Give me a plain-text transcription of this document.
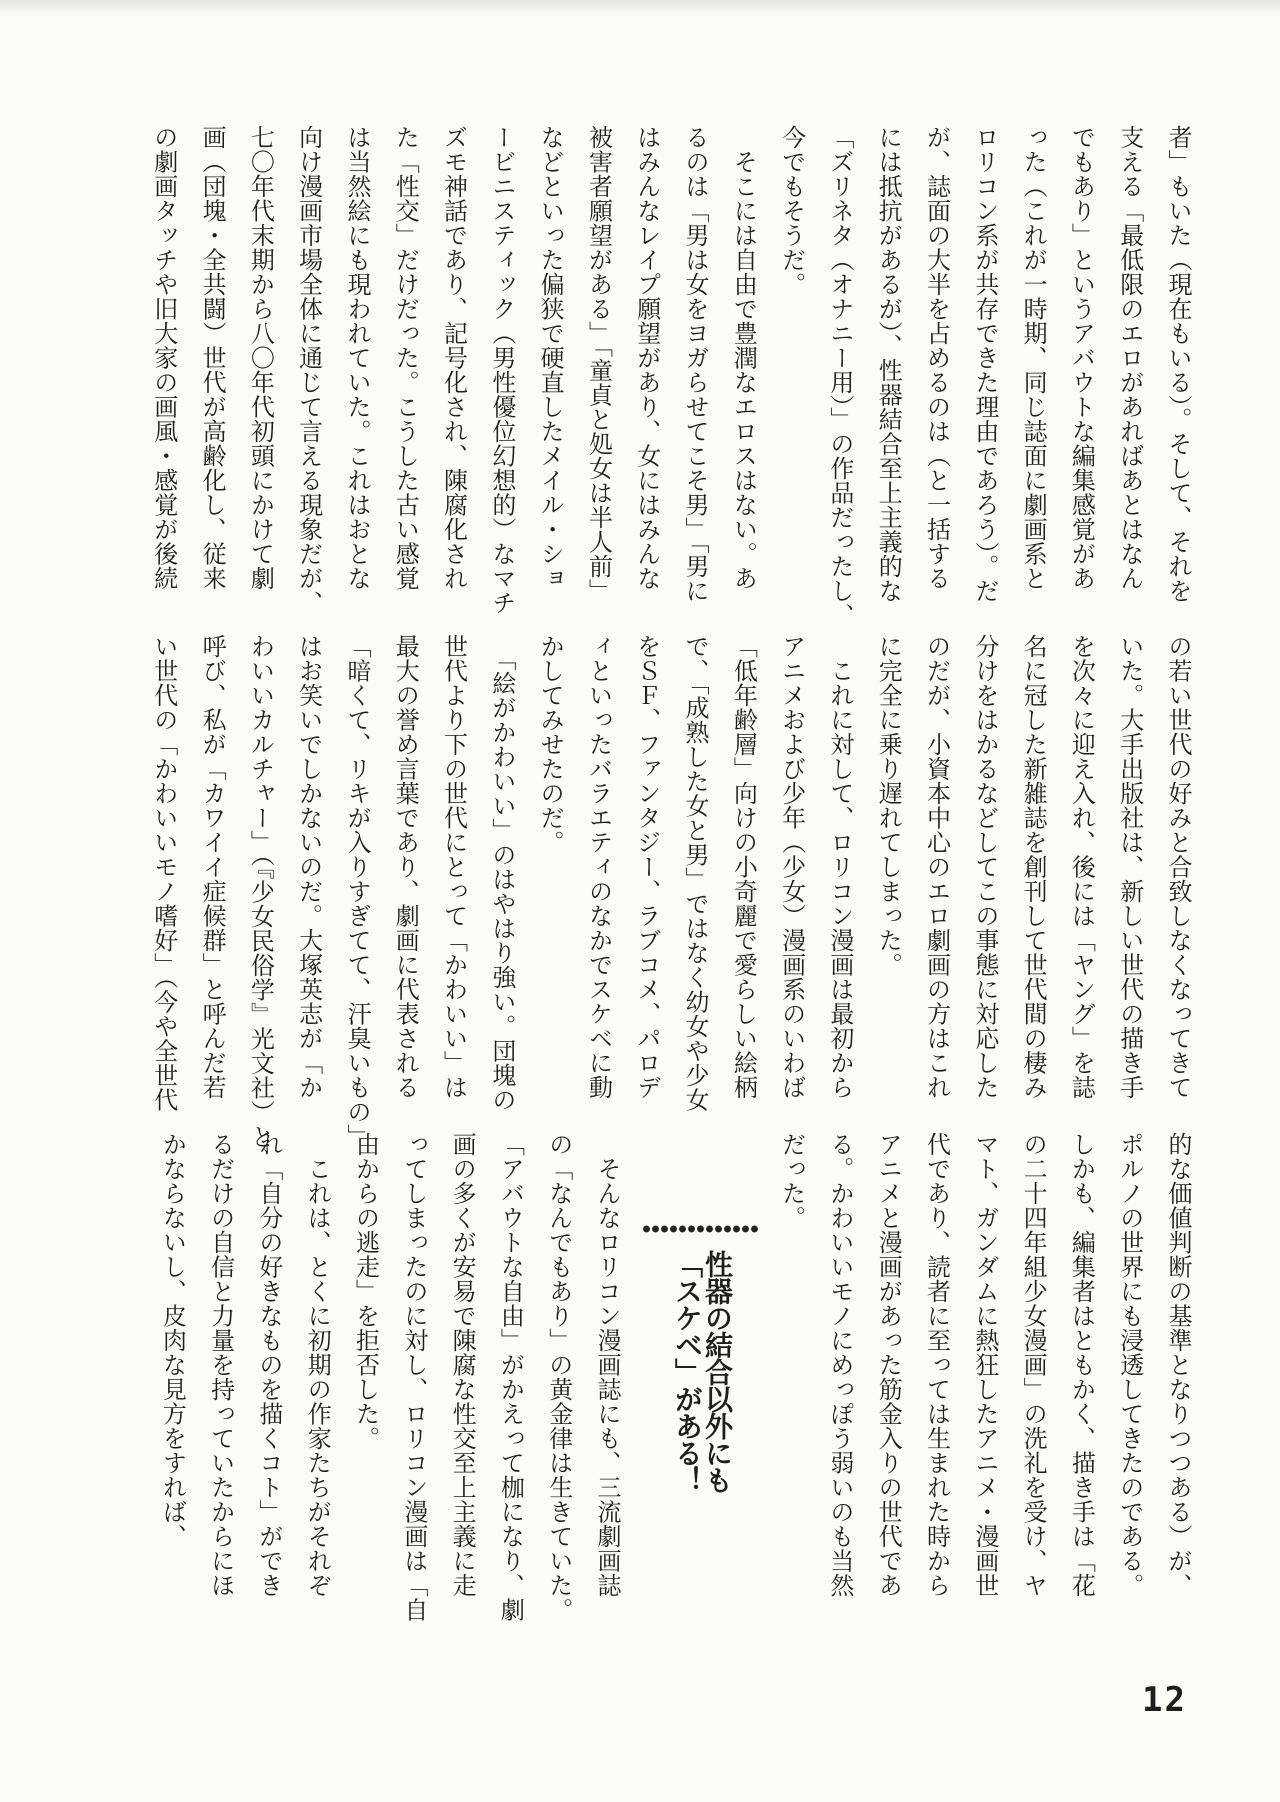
者」もいた（現在もいる）。そして、それを
支える「最低限のエロがあればあとはなん
でもあり」というアバウトな編集感覚があ
った（これが一時期、同じ誌面に劇画系と
ロリコン系が共存できた理由であろう）。だ
が、誌面の大半を占めるのは（と一括する
には抵抗があるが）、性器結合至上主義的な
「ズリネタ（オナニー用）」の作品だったし、
今でもそうだ。
　そこには自由で豊潤なエロスはない。あ
るのは「男は女をヨガらせてこそ男」「男に
はみんなレイプ願望があり、女にはみんな
被害者願望がある」「童貞と処女は半人前」
などといった偏狭で硬直したメイル・ショ
ービニスティック（男性優位幻想的）なマチ
ズモ神話であり、記号化され、陳腐化され
た「性交」だけだった。こうした古い感覚
は当然絵にも現われていた。これはおとな
向け漫画市場全体に通じて言える現象だが、
七〇年代末期から八〇年代初頭にかけて劇
画（団塊・全共闘）世代が高齢化し、従来
の劇画タッチや旧大家の画風・感覚が後続
の若い世代の好みと合致しなくなってきて
いた。大手出版社は、新しい世代の描き手
を次々に迎え入れ、後には「ヤング」を誌
名に冠した新雑誌を創刊して世代間の棲み
分けをはかるなどしてこの事態に対応した
のだが、小資本中心のエロ劇画の方はこれ
に完全に乗り遅れてしまった。
　これに対して、ロリコン漫画は最初から
アニメおよび少年（少女）漫画系のいわば
「低年齢層」向けの小奇麗で愛らしい絵柄
で、「成熟した女と男」ではなく幼女や少女
をＳＦ、ファンタジー、ラブコメ、パロデ
ィといったバラエティのなかでスケベに動
かしてみせたのだ。
　「絵がかわいい」のはやはり強い。団塊の
世代より下の世代にとって「かわいい」は
最大の誉め言葉であり、劇画に代表される
「暗くて、リキが入りすぎてて、汗臭いもの」
はお笑いでしかないのだ。大塚英志が「か
わいいカルチャー」（『少女民俗学』光文社）と
呼び、私が「カワイイ症候群」と呼んだ若
い世代の「かわいいモノ嗜好」（今や全世代
的な価値判断の基準となりつつある）が、
ポルノの世界にも浸透してきたのである。
しかも、編集者はともかく、描き手は「花
の二十四年組少女漫画」の洗礼を受け、ヤ
マト、ガンダムに熱狂したアニメ・漫画世
代であり、読者に至っては生まれた時から
アニメと漫画があった筋金入りの世代であ
る。かわいいモノにめっぽう弱いのも当然
だった。
性器の結合以外にも
「スケベ」がある！
　そんなロリコン漫画誌にも、三流劇画誌
の「なんでもあり」の黄金律は生きていた。
「アバウトな自由」がかえって枷になり、劇
画の多くが安易で陳腐な性交至上主義に走
ってしまったのに対し、ロリコン漫画は「自
由からの逃走」を拒否した。
　これは、とくに初期の作家たちがそれぞ
れ「自分の好きなものを描くコト」ができ
るだけの自信と力量を持っていたからにほ
かならないし、皮肉な見方をすれば、
12
